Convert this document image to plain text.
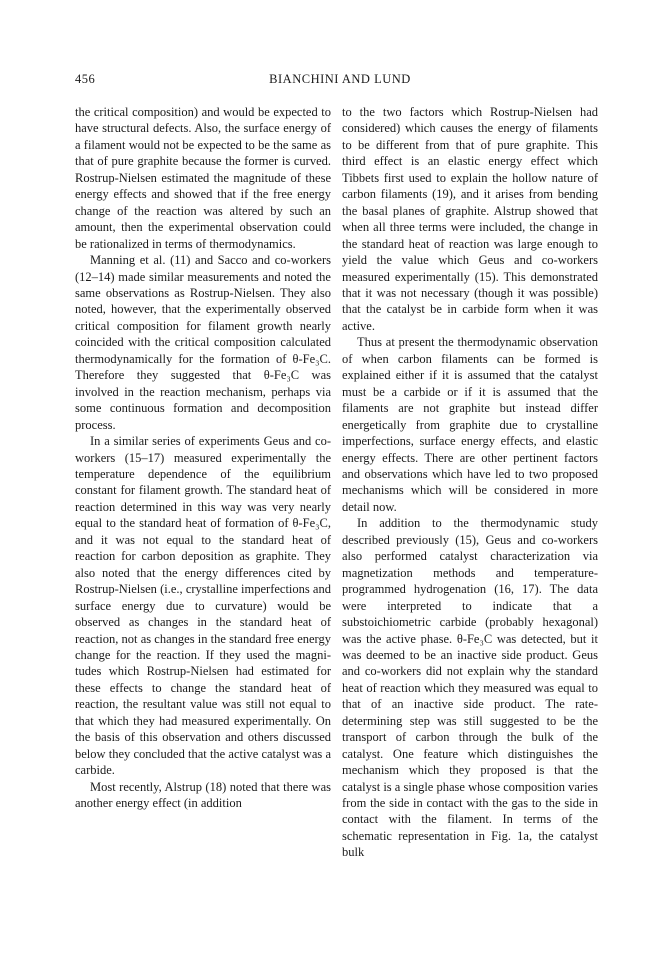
456	BIANCHINI AND LUND

the critical composition) and would be expected to have structural defects. Also, the surface energy of a filament would not be expected to be the same as that of pure graphite because the former is curved. Rostrup-Nielsen estimated the magnitude of these energy effects and showed that if the free energy change of the reaction was altered by such an amount, then the experimental observation could be rationalized in terms of thermodynamics.

Manning et al. (11) and Sacco and co-workers (12–14) made similar measurements and noted the same observations as Rostrup-Nielsen. They also noted, however, that the experimentally observed critical composition for filament growth nearly coincided with the critical composition calculated thermodynamically for the formation of θ-Fe₃C. Therefore they suggested that θ-Fe₃C was involved in the reaction mechanism, perhaps via some continuous formation and decomposition process.

In a similar series of experiments Geus and co-workers (15–17) measured experimentally the temperature dependence of the equilibrium constant for filament growth. The standard heat of reaction determined in this way was very nearly equal to the standard heat of formation of θ-Fe₃C, and it was not equal to the standard heat of reaction for carbon deposition as graphite. They also noted that the energy differences cited by Rostrup-Nielsen (i.e., crystalline imperfections and surface energy due to curvature) would be observed as changes in the standard heat of reaction, not as changes in the standard free energy change for the reaction. If they used the magnitudes which Rostrup-Nielsen had estimated for these effects to change the standard heat of reaction, the resultant value was still not equal to that which they had measured experimentally. On the basis of this observation and others discussed below they concluded that the active catalyst was a carbide.

Most recently, Alstrup (18) noted that there was another energy effect (in addition

to the two factors which Rostrup-Nielsen had considered) which causes the energy of filaments to be different from that of pure graphite. This third effect is an elastic energy effect which Tibbets first used to explain the hollow nature of carbon filaments (19), and it arises from bending the basal planes of graphite. Alstrup showed that when all three terms were included, the change in the standard heat of reaction was large enough to yield the value which Geus and co-workers measured experimentally (15). This demonstrated that it was not necessary (though it was possible) that the catalyst be in carbide form when it was active.

Thus at present the thermodynamic observation of when carbon filaments can be formed is explained either if it is assumed that the catalyst must be a carbide or if it is assumed that the filaments are not graphite but instead differ energetically from graphite due to crystalline imperfections, surface energy effects, and elastic energy effects. There are other pertinent factors and observations which have led to two proposed mechanisms which will be considered in more detail now.

In addition to the thermodynamic study described previously (15), Geus and co-workers also performed catalyst characterization via magnetization methods and temperature-programmed hydrogenation (16, 17). The data were interpreted to indicate that a substoichiometric carbide (probably hexagonal) was the active phase. θ-Fe₃C was detected, but it was deemed to be an inactive side product. Geus and co-workers did not explain why the standard heat of reaction which they measured was equal to that of an inactive side product. The rate-determining step was still suggested to be the transport of carbon through the bulk of the catalyst. One feature which distinguishes the mechanism which they proposed is that the catalyst is a single phase whose composition varies from the side in contact with the gas to the side in contact with the filament. In terms of the schematic representation in Fig. 1a, the catalyst bulk
